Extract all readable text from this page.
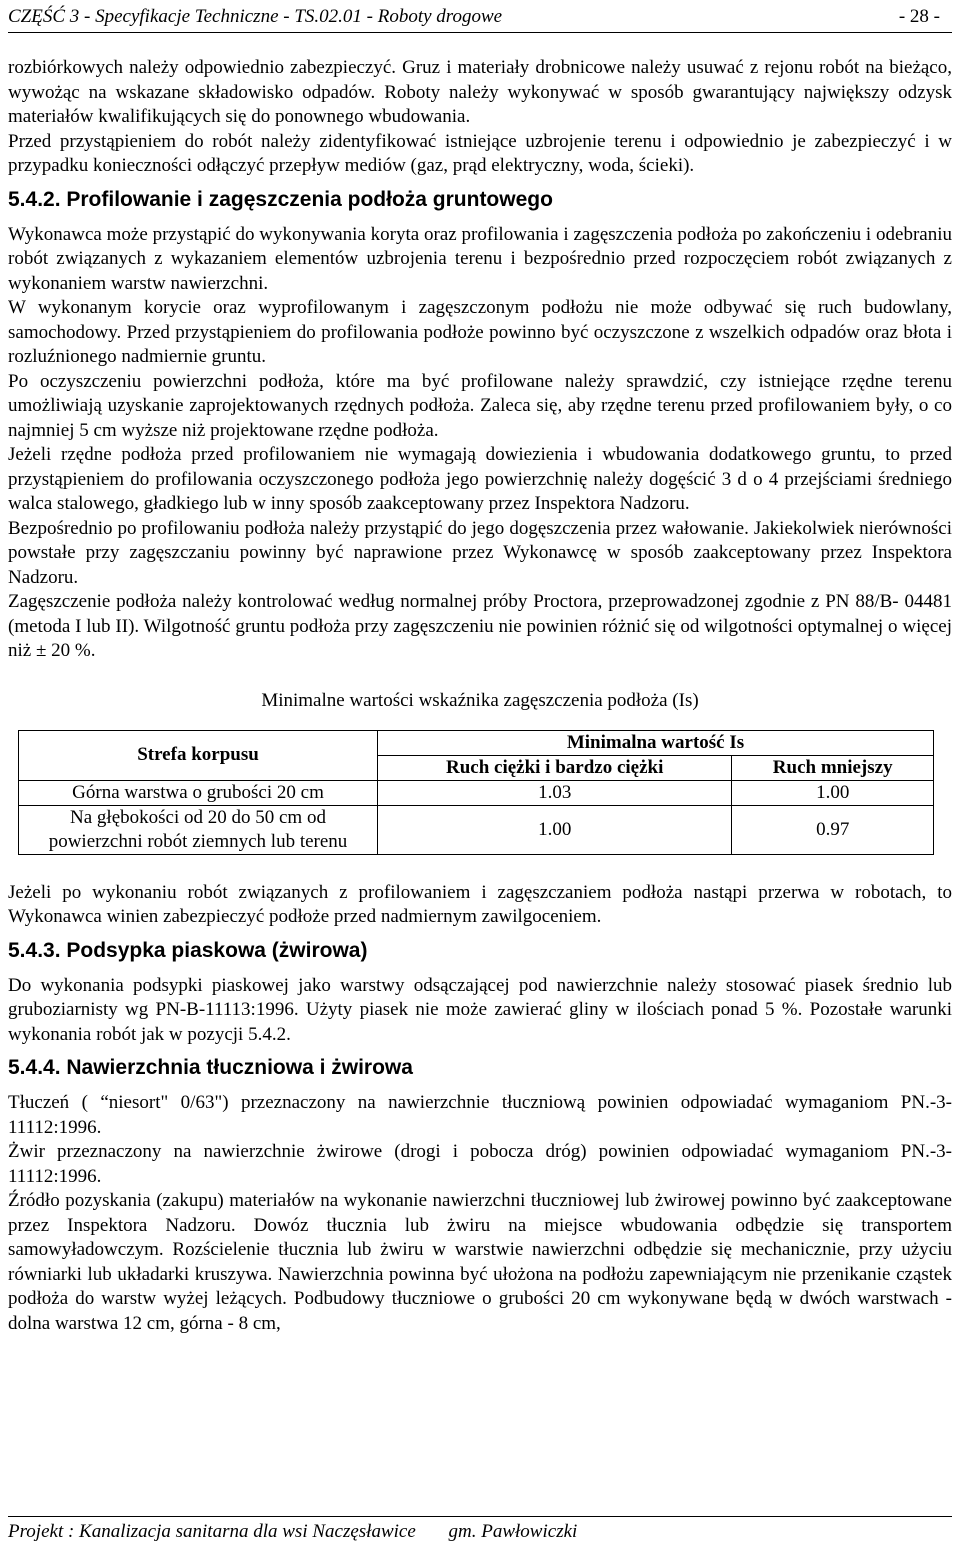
CZĘŚĆ 3 - Specyfikacje Techniczne - TS.02.01 - Roboty drogowe	- 28 -

rozbiórkowych należy odpowiednio zabezpieczyć. Gruz i materiały drobnicowe należy usuwać z rejonu robót na bieżąco, wywożąc na wskazane składowisko odpadów. Roboty należy wykonywać w sposób gwarantujący największy odzysk materiałów kwalifikujących się do ponownego wbudowania.

Przed przystąpieniem do robót należy zidentyfikować istniejące uzbrojenie terenu i odpowiednio je zabezpieczyć i w przypadku konieczności odłączyć przepływ mediów (gaz, prąd elektryczny, woda, ścieki).

5.4.2. Profilowanie i zagęszczenia podłoża gruntowego

Wykonawca może przystąpić do wykonywania koryta oraz profilowania i zagęszczenia podłoża po zakończeniu i odebraniu robót związanych z wykazaniem elementów uzbrojenia terenu i bezpośrednio przed rozpoczęciem robót związanych z wykonaniem warstw nawierzchni.

W wykonanym korycie oraz wyprofilowanym i zagęszczonym podłożu nie może odbywać się ruch budowlany, samochodowy. Przed przystąpieniem do profilowania podłoże powinno być oczyszczone z wszelkich odpadów oraz błota i rozluźnionego nadmiernie gruntu.

Po oczyszczeniu powierzchni podłoża, które ma być profilowane należy sprawdzić, czy istniejące rzędne terenu umożliwiają uzyskanie zaprojektowanych rzędnych podłoża. Zaleca się, aby rzędne terenu przed profilowaniem były, o co najmniej 5 cm wyższe niż projektowane rzędne podłoża.

Jeżeli rzędne podłoża przed profilowaniem nie wymagają dowiezienia i wbudowania dodatkowego gruntu, to przed przystąpieniem do profilowania oczyszczonego podłoża jego powierzchnię należy dogęścić 3 d o 4 przejściami średniego walca stalowego, gładkiego lub w inny sposób zaakceptowany przez Inspektora Nadzoru.

Bezpośrednio po profilowaniu podłoża należy przystąpić do jego dogęszczenia przez wałowanie. Jakiekolwiek nierówności powstałe przy zagęszczaniu powinny być naprawione przez Wykonawcę w sposób zaakceptowany przez Inspektora Nadzoru.

Zagęszczenie podłoża należy kontrolować według normalnej próby Proctora, przeprowadzonej zgodnie z PN 88/B- 04481 (metoda I lub II). Wilgotność gruntu podłoża przy zagęszczeniu nie powinien różnić się od wilgotności optymalnej o więcej niż ± 20 %.

Minimalne wartości wskaźnika zagęszczenia podłoża (Is)
Strefa korpusu	Minimalna wartość Is	
	Ruch ciężki i bardzo ciężki	Ruch mniejszy
Górna warstwa o grubości 20 cm	1.03	1.00
Na głębokości od 20 do 50 cm od
powierzchni robót ziemnych lub terenu	1.00	0.97

Jeżeli po wykonaniu robót związanych z profilowaniem i zagęszczaniem podłoża nastąpi przerwa w robotach, to Wykonawca winien zabezpieczyć podłoże przed nadmiernym zawilgoceniem.

5.4.3. Podsypka piaskowa (żwirowa)

Do wykonania podsypki piaskowej jako warstwy odsączającej pod nawierzchnie należy stosować piasek średnio lub gruboziarnisty wg PN-B-11113:1996. Użyty piasek nie może zawierać gliny w ilościach ponad 5 %. Pozostałe warunki wykonania robót jak w pozycji 5.4.2.

5.4.4. Nawierzchnia tłuczniowa i żwirowa

Tłuczeń ( “niesort" 0/63") przeznaczony na nawierzchnie tłuczniową powinien odpowiadać wymaganiom PN.-3-11112:1996.

Żwir przeznaczony na nawierzchnie żwirowe (drogi i pobocza dróg) powinien odpowiadać wymaganiom PN.-3-11112:1996.

Źródło pozyskania (zakupu) materiałów na wykonanie nawierzchni tłuczniowej lub żwirowej powinno być zaakceptowane przez Inspektora Nadzoru. Dowóz tłucznia lub żwiru na miejsce wbudowania odbędzie się transportem samowyładowczym. Rozścielenie tłucznia lub żwiru w warstwie nawierzchni odbędzie się mechanicznie, przy użyciu równiarki lub układarki kruszywa. Nawierzchnia powinna być ułożona na podłożu zapewniającym nie przenikanie cząstek podłoża do warstw wyżej leżących. Podbudowy tłuczniowe o grubości 20 cm wykonywane będą w dwóch warstwach - dolna warstwa 12 cm, górna - 8 cm,

Projekt : Kanalizacja sanitarna dla wsi Naczęsławice gm. Pawłowiczki
